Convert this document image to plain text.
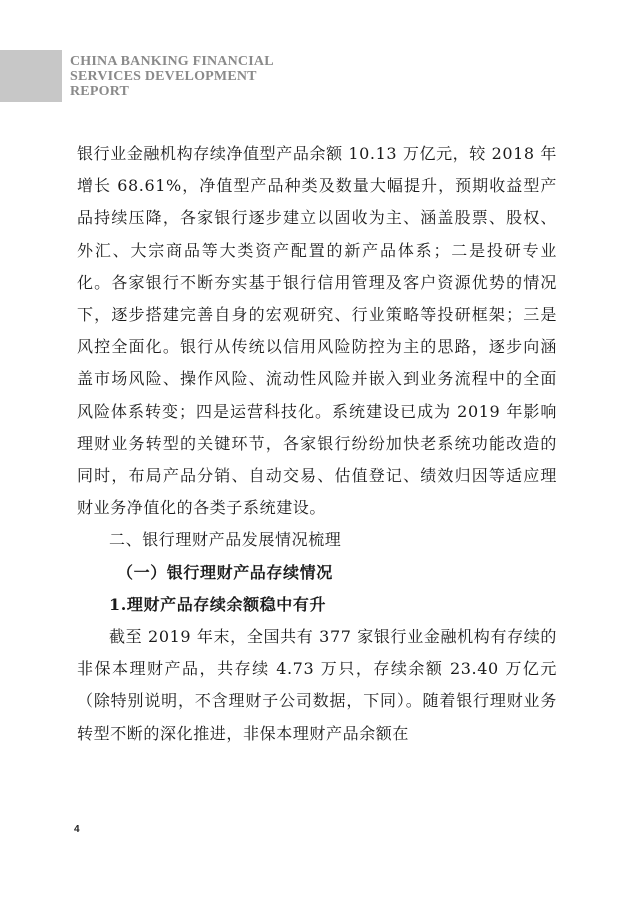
CHINA BANKING FINANCIAL
SERVICES DEVELOPMENT
REPORT

银行业金融机构存续净值型产品余额 10.13 万亿元，较 2018 年增长 68.61%，净值型产品种类及数量大幅提升，预期收益型产品持续压降，各家银行逐步建立以固收为主、涵盖股票、股权、外汇、大宗商品等大类资产配置的新产品体系；二是投研专业化。各家银行不断夯实基于银行信用管理及客户资源优势的情况下，逐步搭建完善自身的宏观研究、行业策略等投研框架；三是风控全面化。银行从传统以信用风险防控为主的思路，逐步向涵盖市场风险、操作风险、流动性风险并嵌入到业务流程中的全面风险体系转变；四是运营科技化。系统建设已成为 2019 年影响理财业务转型的关键环节，各家银行纷纷加快老系统功能改造的同时，布局产品分销、自动交易、估值登记、绩效归因等适应理财业务净值化的各类子系统建设。

二、银行理财产品发展情况梳理

（一）银行理财产品存续情况

1.理财产品存续余额稳中有升

截至 2019 年末，全国共有 377 家银行业金融机构有存续的非保本理财产品，共存续 4.73 万只，存续余额 23.40 万亿元（除特别说明，不含理财子公司数据，下同）。随着银行理财业务转型不断的深化推进，非保本理财产品余额在

4
